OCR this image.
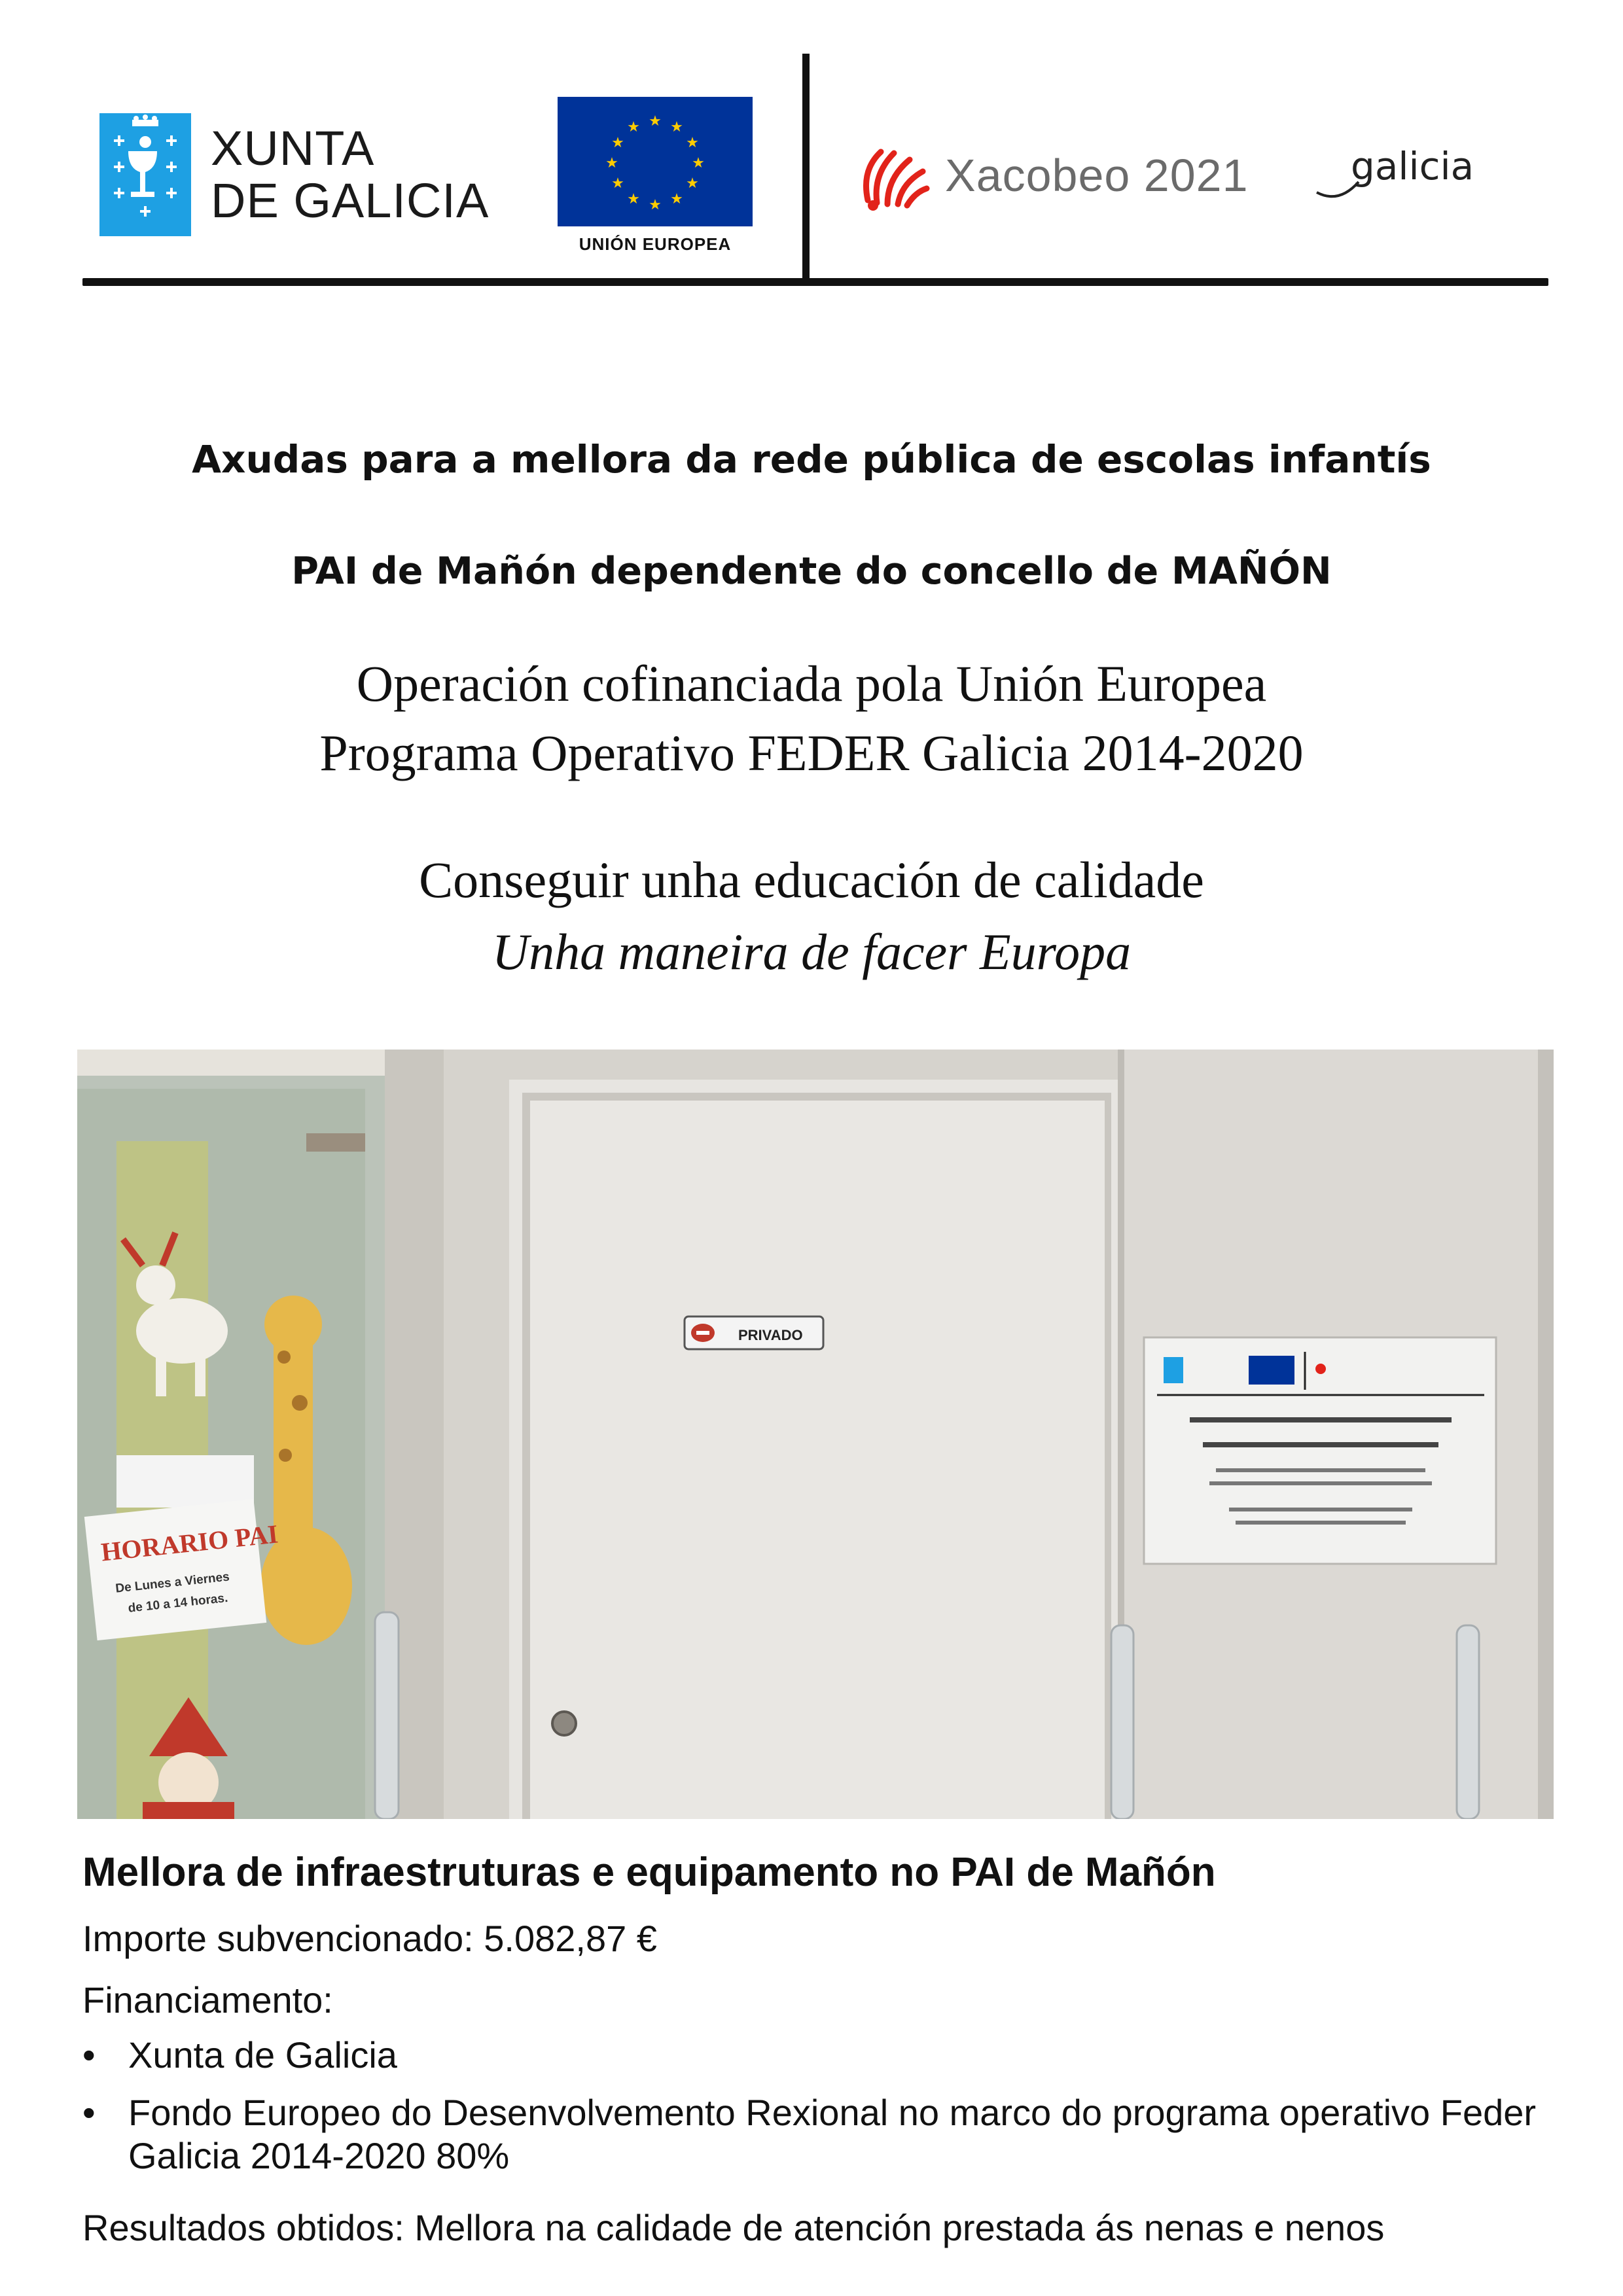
XUNTA
DE GALICIA
★ ★
★
★
★
★
★
★
★
★
★
★
UNIÓN EUROPEA
Xacobeo 2021	galicia
Axudas para a mellora da rede pública de escolas infantís
PAI de Mañón dependente do concello de MAÑÓN
Operación cofinanciada pola Unión Europea
Programa Operativo FEDER Galicia 2014-2020
Conseguir unha educación de calidade
Unha maneira de facer Europa
HORARIO PAI
De Lunes a Viernes
de 10 a 14 horas.
PRIVADO
Mellora de infraestruturas e equipamento no PAI de Mañón
Importe subvencionado: 5.082,87 €
Financiamento:
• Xunta de Galicia
• Fondo Europeo do Desenvolvemento Rexional no marco do programa operativo Feder Galicia 2014-2020 80%
Resultados obtidos: Mellora na calidade de atención prestada ás nenas e nenos
